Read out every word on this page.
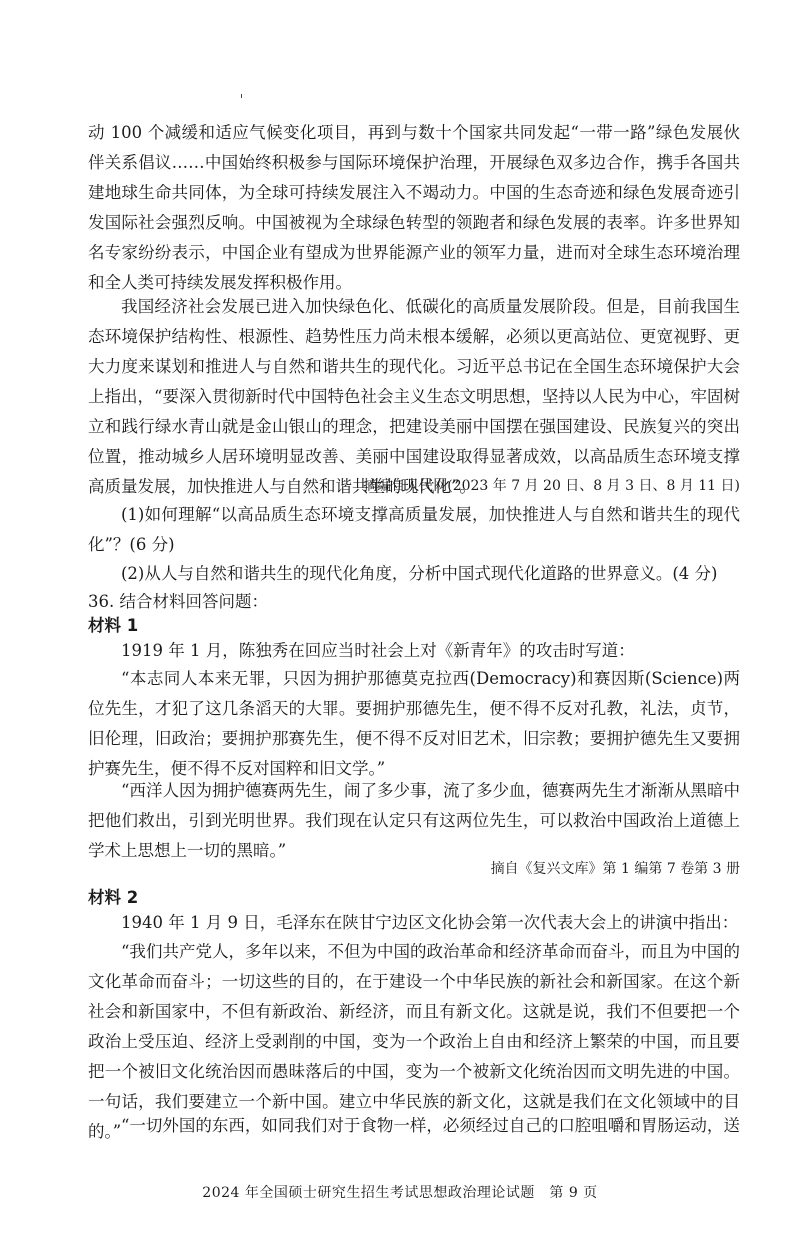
动 100 个减缓和适应气候变化项目，再到与数十个国家共同发起“一带一路”绿色发展伙伴关系倡议……中国始终积极参与国际环境保护治理，开展绿色双多边合作，携手各国共建地球生命共同体，为全球可持续发展注入不竭动力。中国的生态奇迹和绿色发展奇迹引发国际社会强烈反响。中国被视为全球绿色转型的领跑者和绿色发展的表率。许多世界知名专家纷纷表示，中国企业有望成为世界能源产业的领军力量，进而对全球生态环境治理和全人类可持续发展发挥积极作用。
我国经济社会发展已进入加快绿色化、低碳化的高质量发展阶段。但是，目前我国生态环境保护结构性、根源性、趋势性压力尚未根本缓解，必须以更高站位、更宽视野、更大力度来谋划和推进人与自然和谐共生的现代化。习近平总书记在全国生态环境保护大会上指出，“要深入贯彻新时代中国特色社会主义生态文明思想，坚持以人民为中心，牢固树立和践行绿水青山就是金山银山的理念，把建设美丽中国摆在强国建设、民族复兴的突出位置，推动城乡人居环境明显改善、美丽中国建设取得显著成效，以高品质生态环境支撑高质量发展，加快推进人与自然和谐共生的现代化”。
摘编自人民网(2023 年 7 月 20 日、8 月 3 日、8 月 11 日)
(1)如何理解“以高品质生态环境支撑高质量发展，加快推进人与自然和谐共生的现代化”？(6 分)
(2)从人与自然和谐共生的现代化角度，分析中国式现代化道路的世界意义。(4 分)
36. 结合材料回答问题：
材料 1
1919 年 1 月，陈独秀在回应当时社会上对《新青年》的攻击时写道：
“本志同人本来无罪，只因为拥护那德莫克拉西(Democracy)和赛因斯(Science)两位先生，才犯了这几条滔天的大罪。要拥护那德先生，便不得不反对孔教，礼法，贞节，旧伦理，旧政治；要拥护那赛先生，便不得不反对旧艺术，旧宗教；要拥护德先生又要拥护赛先生，便不得不反对国粹和旧文学。”
“西洋人因为拥护德赛两先生，闹了多少事，流了多少血，德赛两先生才渐渐从黑暗中把他们救出，引到光明世界。我们现在认定只有这两位先生，可以救治中国政治上道德上学术上思想上一切的黑暗。”
摘自《复兴文库》第 1 编第 7 卷第 3 册
材料 2
1940 年 1 月 9 日，毛泽东在陕甘宁边区文化协会第一次代表大会上的讲演中指出：
“我们共产党人，多年以来，不但为中国的政治革命和经济革命而奋斗，而且为中国的文化革命而奋斗；一切这些的目的，在于建设一个中华民族的新社会和新国家。在这个新社会和新国家中，不但有新政治、新经济，而且有新文化。这就是说，我们不但要把一个政治上受压迫、经济上受剥削的中国，变为一个政治上自由和经济上繁荣的中国，而且要把一个被旧文化统治因而愚昧落后的中国，变为一个被新文化统治因而文明先进的中国。一句话，我们要建立一个新中国。建立中华民族的新文化，这就是我们在文化领域中的目的。” “一切外国的东西，如同我们对于食物一样，必须经过自己的口腔咀嚼和胃肠运动，送
2024 年全国硕士研究生招生考试思想政治理论试题　第 9 页
